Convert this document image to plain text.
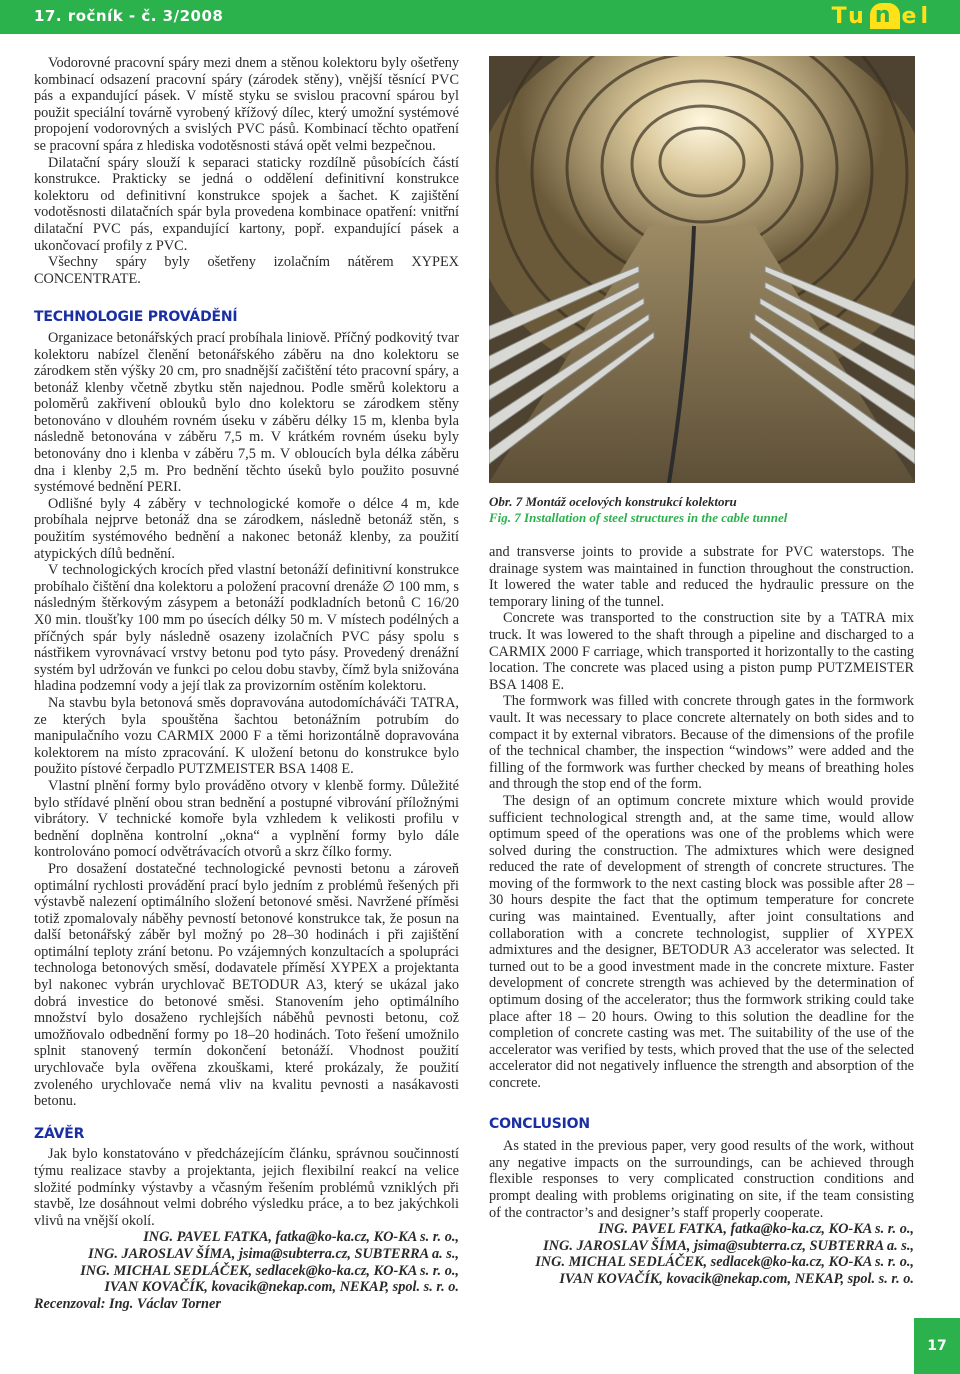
17. ročník - č. 3/2008	Tu n el

Vodorovné pracovní spáry mezi dnem a stěnou kolektoru byly ošetřeny kombinací odsazení pracovní spáry (zárodek stěny), vnější těsnící PVC pás a expandující pásek. V místě styku se svislou pracovní spárou byl použit speciální továrně vyrobený křížový dílec, který umožní systémové propojení vodorovných a svislých PVC pásů. Kombinací těchto opatření se pracovní spára z hlediska vodotěsnosti stává opět velmi bezpečnou.

Dilatační spáry slouží k separaci staticky rozdílně působících částí konstrukce. Prakticky se jedná o oddělení definitivní konstrukce kolektoru od definitivní konstrukce spojek a šachet. K zajištění vodotěsnosti dilatačních spár byla provedena kombinace opatření: vnitřní dilatační PVC pás, expandující kartony, popř. expandující pásek a ukončovací profily z PVC.

Všechny spáry byly ošetřeny izolačním nátěrem XYPEX CONCENTRATE.

TECHNOLOGIE PROVÁDĚNÍ

Organizace betonářských prací probíhala liniově. Příčný podkovitý tvar kolektoru nabízel členění betonářského záběru na dno kolektoru se zárodkem stěn výšky 20 cm, pro snadnější začištění této pracovní spáry, a betonáž klenby včetně zbytku stěn najednou. Podle směrů kolektoru a poloměrů zakřivení oblouků bylo dno kolektoru se zárodkem stěny betonováno v dlouhém rovném úseku v záběru délky 15 m, klenba byla následně betonována v záběru 7,5 m. V krátkém rovném úseku byly betonovány dno i klenba v záběru 7,5 m. V obloucích byla délka záběru dna i klenby 2,5 m. Pro bednění těchto úseků bylo použito posuvné systémové bednění PERI.

Odlišné byly 4 záběry v technologické komoře o délce 4 m, kde probíhala nejprve betonáž dna se zárodkem, následně betonáž stěn, s použitím systémového bednění a nakonec betonáž klenby, za použití atypických dílů bednění.

V technologických krocích před vlastní betonáží definitivní konstrukce probíhalo čištění dna kolektoru a položení pracovní drenáže ∅ 100 mm, s následným štěrkovým zásypem a betonáží podkladních betonů C 16/20 X0 min. tloušťky 100 mm po úsecích délky 50 m. V místech podélných a příčných spár byly následně osazeny izolačních PVC pásy spolu s nástřikem vyrovnávací vrstvy betonu pod tyto pásy. Provedený drenážní systém byl udržován ve funkci po celou dobu stavby, čímž byla snižována hladina podzemní vody a její tlak za provizorním ostěním kolektoru.

Na stavbu byla betonová směs dopravována autodomícháváči TATRA, ze kterých byla spouštěna šachtou betonážním potrubím do manipulačního vozu CARMIX 2000 F a těmi horizontálně dopravována kolektorem na místo zpracování. K uložení betonu do konstrukce bylo použito pístové čerpadlo PUTZMEISTER BSA 1408 E.

Vlastní plnění formy bylo prováděno otvory v klenbě formy. Důležité bylo střídavé plnění obou stran bednění a postupné vibrování příložnými vibrátory. V technické komoře byla vzhledem k velikosti profilu v bednění doplněna kontrolní „okna“ a vyplnění formy bylo dále kontrolováno pomocí odvětrávacích otvorů a skrz čílko formy.

Pro dosažení dostatečné technologické pevnosti betonu a zároveň optimální rychlosti provádění prací bylo jedním z problémů řešených při výstavbě nalezení optimálního složení betonové směsi. Navržené příměsi totiž zpomalovaly náběhy pevností betonové konstrukce tak, že posun na další betonářský záběr byl možný po 28–30 hodinách i při zajištění optimální teploty zrání betonu. Po vzájemných konzultacích a spolupráci technologa betonových směsí, dodavatele příměsí XYPEX a projektanta byl nakonec vybrán urychlovač BETODUR A3, který se ukázal jako dobrá investice do betonové směsi. Stanovením jeho optimálního množství bylo dosaženo rychlejších náběhů pevnosti betonu, což umožňovalo odbednění formy po 18–20 hodinách. Toto řešení umožnilo splnit stanovený termín dokončení betonáží. Vhodnost použití urychlovače byla ověřena zkouškami, které prokázaly, že použití zvoleného urychlovače nemá vliv na kvalitu pevnosti a nasákavosti betonu.

ZÁVĚR

Jak bylo konstatováno v předcházejícím článku, správnou součinností týmu realizace stavby a projektanta, jejich flexibilní reakcí na velice složité podmínky výstavby a včasným řešením problémů vzniklých při stavbě, lze dosáhnout velmi dobrého výsledku práce, a to bez jakýchkoli vlivů na vnější okolí.

ING. PAVEL FATKA, fatka@ko-ka.cz, KO-KA s. r. o.,

ING. JAROSLAV ŠÍMA, jsima@subterra.cz, SUBTERRA a. s.,

ING. MICHAL SEDLÁČEK, sedlacek@ko-ka.cz, KO-KA s. r. o.,

IVAN KOVAČÍK, kovacik@nekap.com, NEKAP, spol. s. r. o.

Recenzoval: Ing. Václav Torner

Obr. 7 Montáž ocelových konstrukcí kolektoru
Fig. 7 Installation of steel structures in the cable tunnel

and transverse joints to provide a substrate for PVC waterstops. The drainage system was maintained in function throughout the construction. It lowered the water table and reduced the hydraulic pressure on the temporary lining of the tunnel.

Concrete was transported to the construction site by a TATRA mix truck. It was lowered to the shaft through a pipeline and discharged to a CARMIX 2000 F carriage, which transported it horizontally to the casting location. The concrete was placed using a piston pump PUTZMEISTER BSA 1408 E.

The formwork was filled with concrete through gates in the formwork vault. It was necessary to place concrete alternately on both sides and to compact it by external vibrators. Because of the dimensions of the profile of the technical chamber, the inspection “windows” were added and the filling of the formwork was further checked by means of breathing holes and through the stop end of the form.

The design of an optimum concrete mixture which would provide sufficient technological strength and, at the same time, would allow optimum speed of the operations was one of the problems which were solved during the construction. The admixtures which were designed reduced the rate of development of strength of concrete structures. The moving of the formwork to the next casting block was possible after 28 – 30 hours despite the fact that the optimum temperature for concrete curing was maintained. Eventually, after joint consultations and collaboration with a concrete technologist, supplier of XYPEX admixtures and the designer, BETODUR A3 accelerator was selected. It turned out to be a good investment made in the concrete mixture. Faster development of concrete strength was achieved by the determination of optimum dosing of the accelerator; thus the formwork striking could take place after 18 – 20 hours. Owing to this solution the deadline for the completion of concrete casting was met. The suitability of the use of the accelerator was verified by tests, which proved that the use of the selected accelerator did not negatively influence the strength and absorption of the concrete.

CONCLUSION

As stated in the previous paper, very good results of the work, without any negative impacts on the surroundings, can be achieved through flexible responses to very complicated construction conditions and prompt dealing with problems originating on site, if the team consisting of the contractor’s and designer’s staff properly cooperate.

ING. PAVEL FATKA, fatka@ko-ka.cz, KO-KA s. r. o.,

ING. JAROSLAV ŠÍMA, jsima@subterra.cz, SUBTERRA a. s.,

ING. MICHAL SEDLÁČEK, sedlacek@ko-ka.cz, KO-KA s. r. o.,

IVAN KOVAČÍK, kovacik@nekap.com, NEKAP, spol. s. r. o.

17
